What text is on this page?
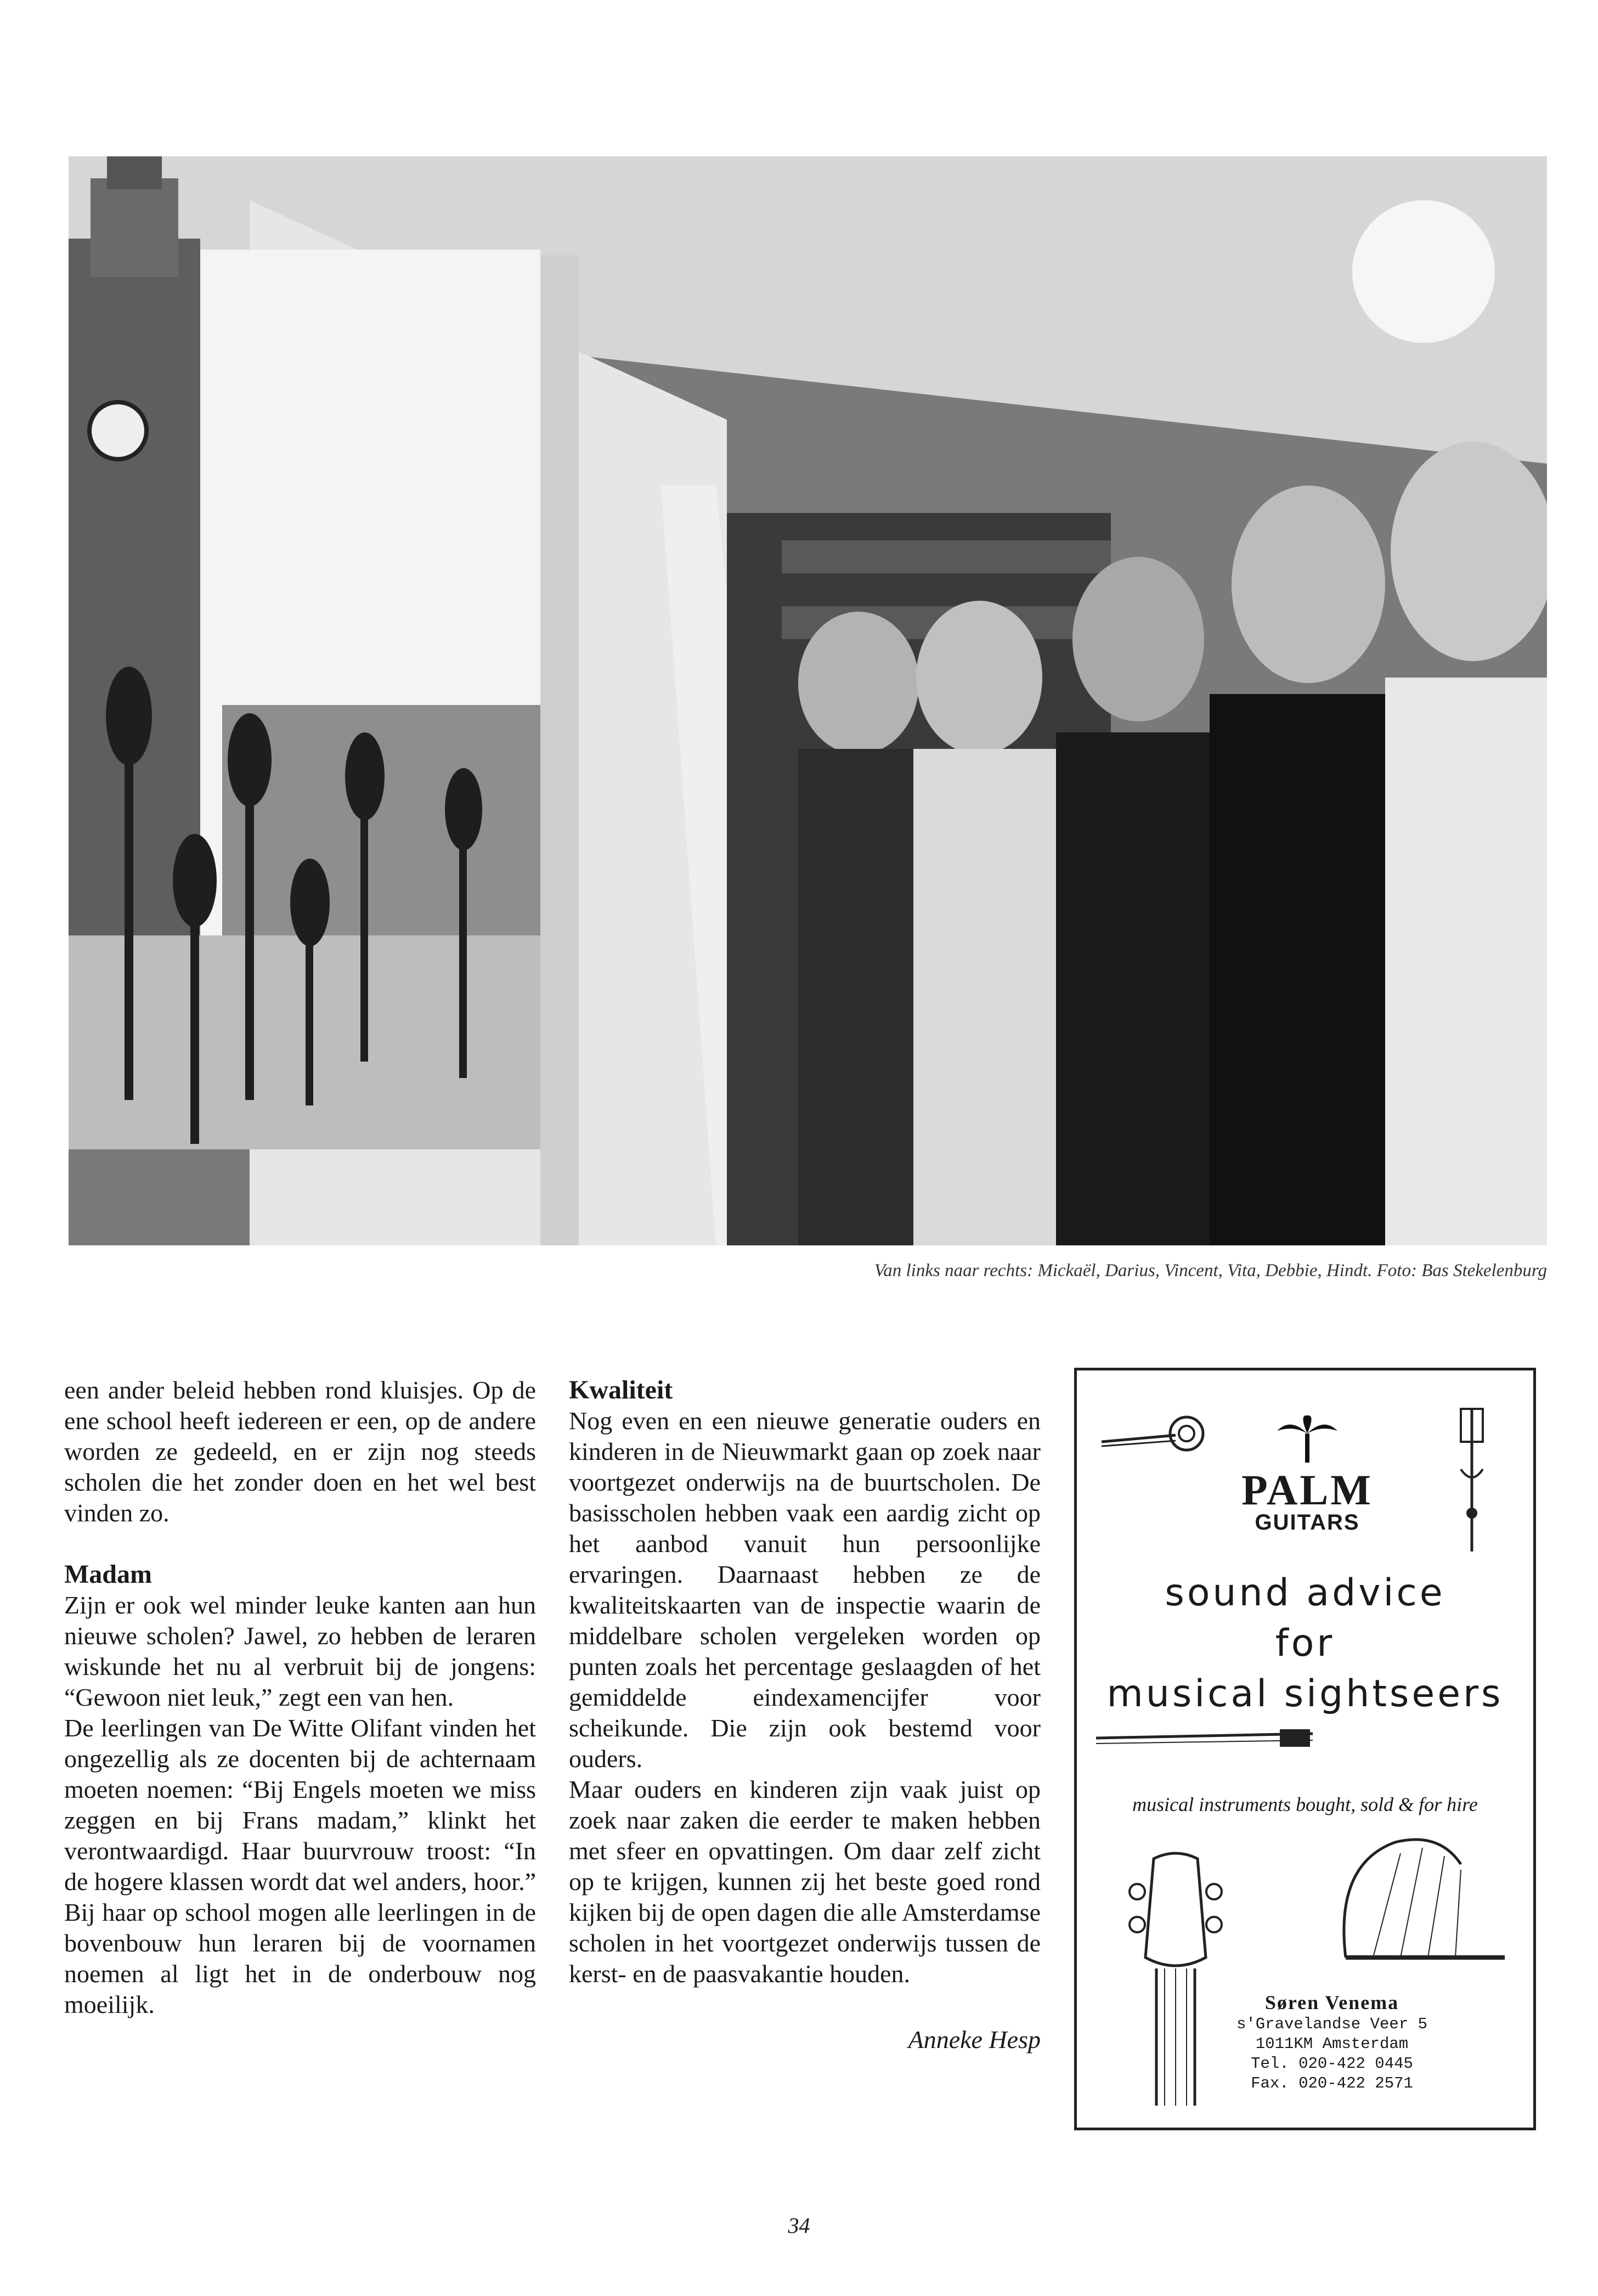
Van links naar rechts: Mickaël, Darius, Vincent, Vita, Debbie, Hindt. Foto: Bas Stekelenburg

een ander beleid hebben rond kluisjes. Op de ene school heeft iedereen er een, op de andere worden ze gedeeld, en er zijn nog steeds scholen die het zonder doen en het wel best vinden zo.

Madam

Zijn er ook wel minder leuke kanten aan hun nieuwe scholen? Jawel, zo hebben de leraren wiskunde het nu al verbruit bij de jongens: “Gewoon niet leuk,” zegt een van hen.

De leerlingen van De Witte Olifant vinden het ongezellig als ze docenten bij de achternaam moeten noemen: “Bij Engels moeten we miss zeggen en bij Frans madam,” klinkt het verontwaardigd. Haar buurvrouw troost: “In de hogere klassen wordt dat wel anders, hoor.” Bij haar op school mogen alle leerlingen in de bovenbouw hun leraren bij de voornamen noemen al ligt het in de onderbouw nog moeilijk.

Kwaliteit

Nog even en een nieuwe generatie ouders en kinderen in de Nieuwmarkt gaan op zoek naar voortgezet onderwijs na de buurtscholen. De basisscholen hebben vaak een aardig zicht op het aanbod vanuit hun persoonlijke ervaringen. Daarnaast hebben ze de kwaliteitskaarten van de inspectie waarin de middelbare scholen vergeleken worden op punten zoals het percentage geslaagden of het gemiddelde eindexamencijfer voor scheikunde. Die zijn ook bestemd voor ouders.

Maar ouders en kinderen zijn vaak juist op zoek naar zaken die eerder te maken hebben met sfeer en opvattingen. Om daar zelf zicht op te krijgen, kunnen zij het beste goed rond kijken bij de open dagen die alle Amsterdamse scholen in het voortgezet onderwijs tussen de kerst- en de paasvakantie houden.

Anneke Hesp

PALM
GUITARS
sound advice
for
musical sightseers
musical instruments bought, sold & for hire
Søren Venema
s'Gravelandse Veer 5
1011KM Amsterdam
Tel. 020-422 0445
Fax. 020-422 2571
34
